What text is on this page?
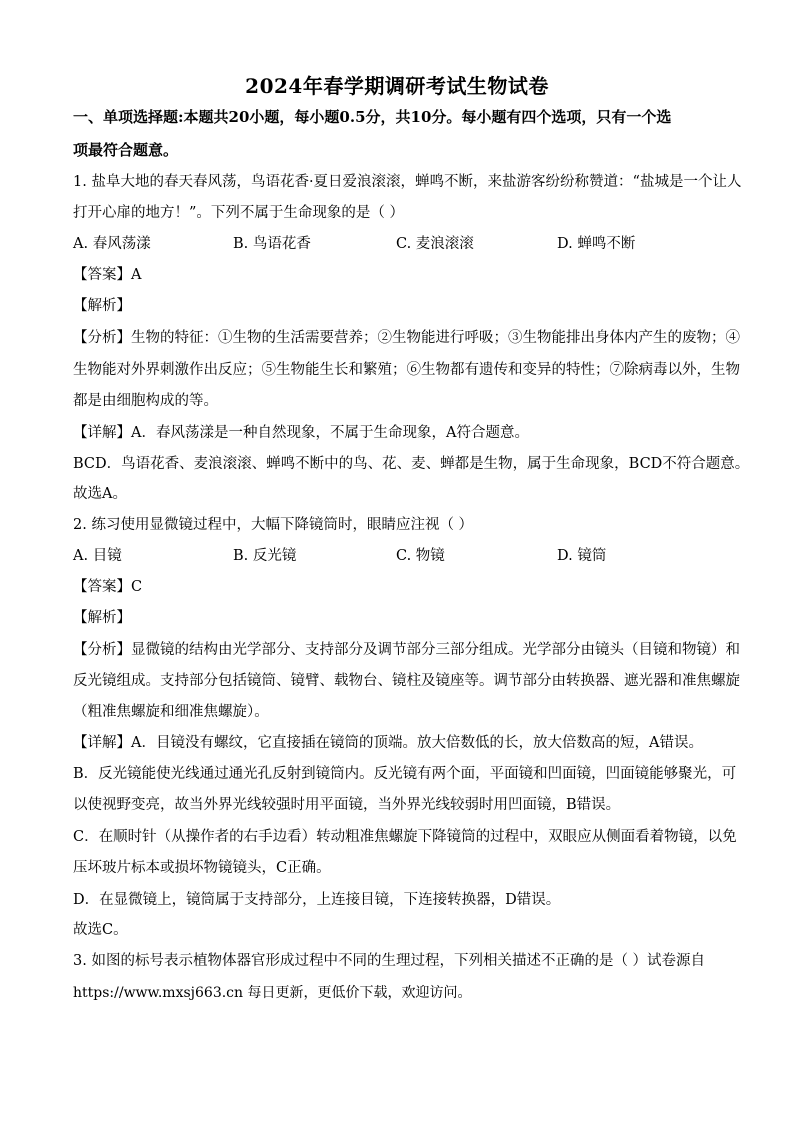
2024年春学期调研考试生物试卷
一、单项选择题:本题共20小题，每小题0.5分，共10分。每小题有四个选项，只有一个选
项最符合题意。
1. 盐阜大地的春天春风荡，鸟语花香·夏日爱浪滚滚，蝉鸣不断，来盐游客纷纷称赞道：“盐城是一个让人
打开心扉的地方！”。下列不属于生命现象的是（ ）
A. 春风荡漾	B. 鸟语花香	C. 麦浪滚滚	D. 蝉鸣不断
【答案】A
【解析】
【分析】生物的特征：①生物的生活需要营养；②生物能进行呼吸；③生物能排出身体内产生的废物；④
生物能对外界刺激作出反应；⑤生物能生长和繁殖；⑥生物都有遗传和变异的特性；⑦除病毒以外，生物
都是由细胞构成的等。
【详解】A．春风荡漾是一种自然现象，不属于生命现象，A符合题意。
BCD．鸟语花香、麦浪滚滚、蝉鸣不断中的鸟、花、麦、蝉都是生物，属于生命现象，BCD不符合题意。
故选A。
2. 练习使用显微镜过程中，大幅下降镜筒时，眼睛应注视（ ）
A. 目镜	B. 反光镜	C. 物镜	D. 镜筒
【答案】C
【解析】
【分析】显微镜的结构由光学部分、支持部分及调节部分三部分组成。光学部分由镜头（目镜和物镜）和
反光镜组成。支持部分包括镜筒、镜臂、载物台、镜柱及镜座等。调节部分由转换器、遮光器和准焦螺旋
（粗准焦螺旋和细准焦螺旋）。
【详解】A．目镜没有螺纹，它直接插在镜筒的顶端。放大倍数低的长，放大倍数高的短，A错误。
B．反光镜能使光线通过通光孔反射到镜筒内。反光镜有两个面，平面镜和凹面镜，凹面镜能够聚光，可
以使视野变亮，故当外界光线较强时用平面镜，当外界光线较弱时用凹面镜，B错误。
C．在顺时针（从操作者的右手边看）转动粗准焦螺旋下降镜筒的过程中，双眼应从侧面看着物镜，以免
压坏玻片标本或损坏物镜镜头，C正确。
D．在显微镜上，镜筒属于支持部分，上连接目镜，下连接转换器，D错误。
故选C。
3. 如图的标号表示植物体器官形成过程中不同的生理过程，下列相关描述不正确的是（ ）试卷源自
https://www.mxsj663.cn 每日更新，更低价下载，欢迎访问。
